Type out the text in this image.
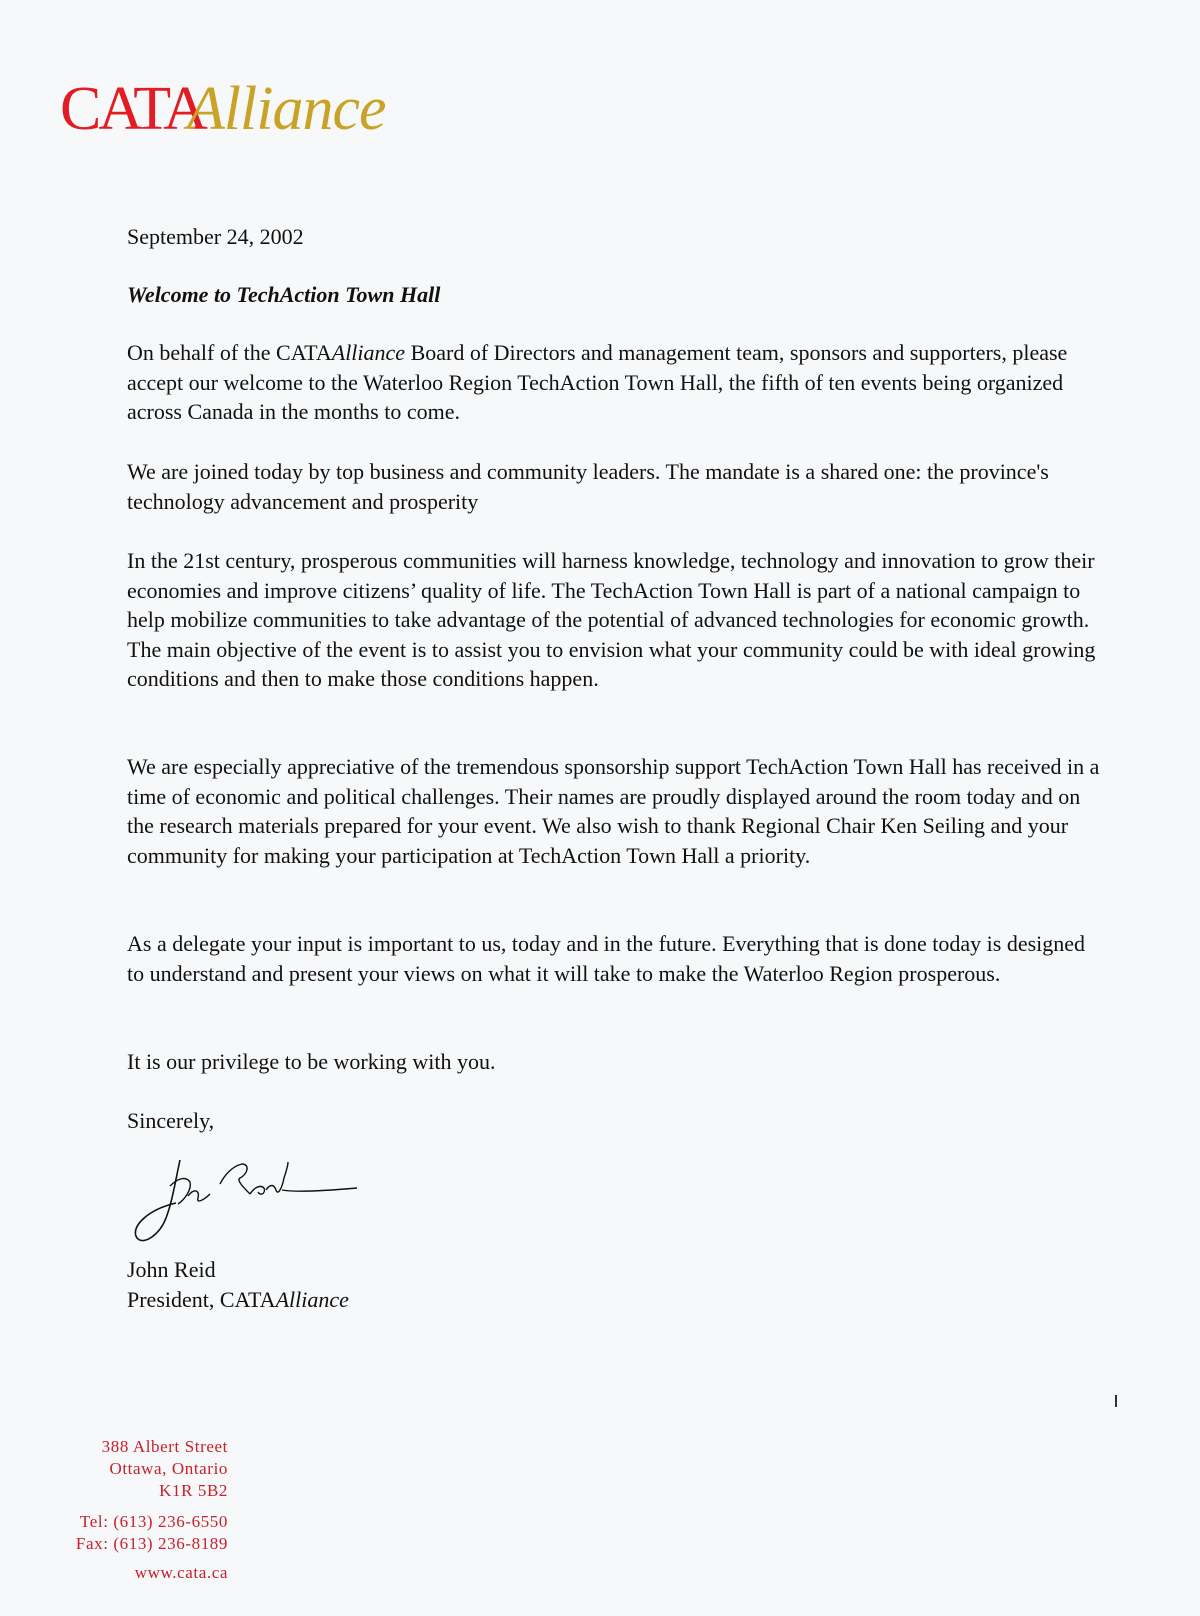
CATAAlliance

September 24, 2002

Welcome to TechAction Town Hall

On behalf of the CATAAlliance Board of Directors and management team, sponsors and supporters, please accept our welcome to the Waterloo Region TechAction Town Hall, the fifth of ten events being organized across Canada in the months to come.

We are joined today by top business and community leaders. The mandate is a shared one: the province's technology advancement and prosperity

In the 21st century, prosperous communities will harness knowledge, technology and innovation to grow their economies and improve citizens’ quality of life. The TechAction Town Hall is part of a national campaign to help mobilize communities to take advantage of the potential of advanced technologies for economic growth. The main objective of the event is to assist you to envision what your community could be with ideal growing conditions and then to make those conditions happen.

We are especially appreciative of the tremendous sponsorship support TechAction Town Hall has received in a time of economic and political challenges. Their names are proudly displayed around the room today and on the research materials prepared for your event. We also wish to thank Regional Chair Ken Seiling and your community for making your participation at TechAction Town Hall a priority.

As a delegate your input is important to us, today and in the future. Everything that is done today is designed to understand and present your views on what it will take to make the Waterloo Region prosperous.

It is our privilege to be working with you.

Sincerely,

John Reid

President, CATAAlliance

388 Albert Street
Ottawa, Ontario
K1R 5B2
Tel: (613) 236-6550
Fax: (613) 236-8189
www.cata.ca
